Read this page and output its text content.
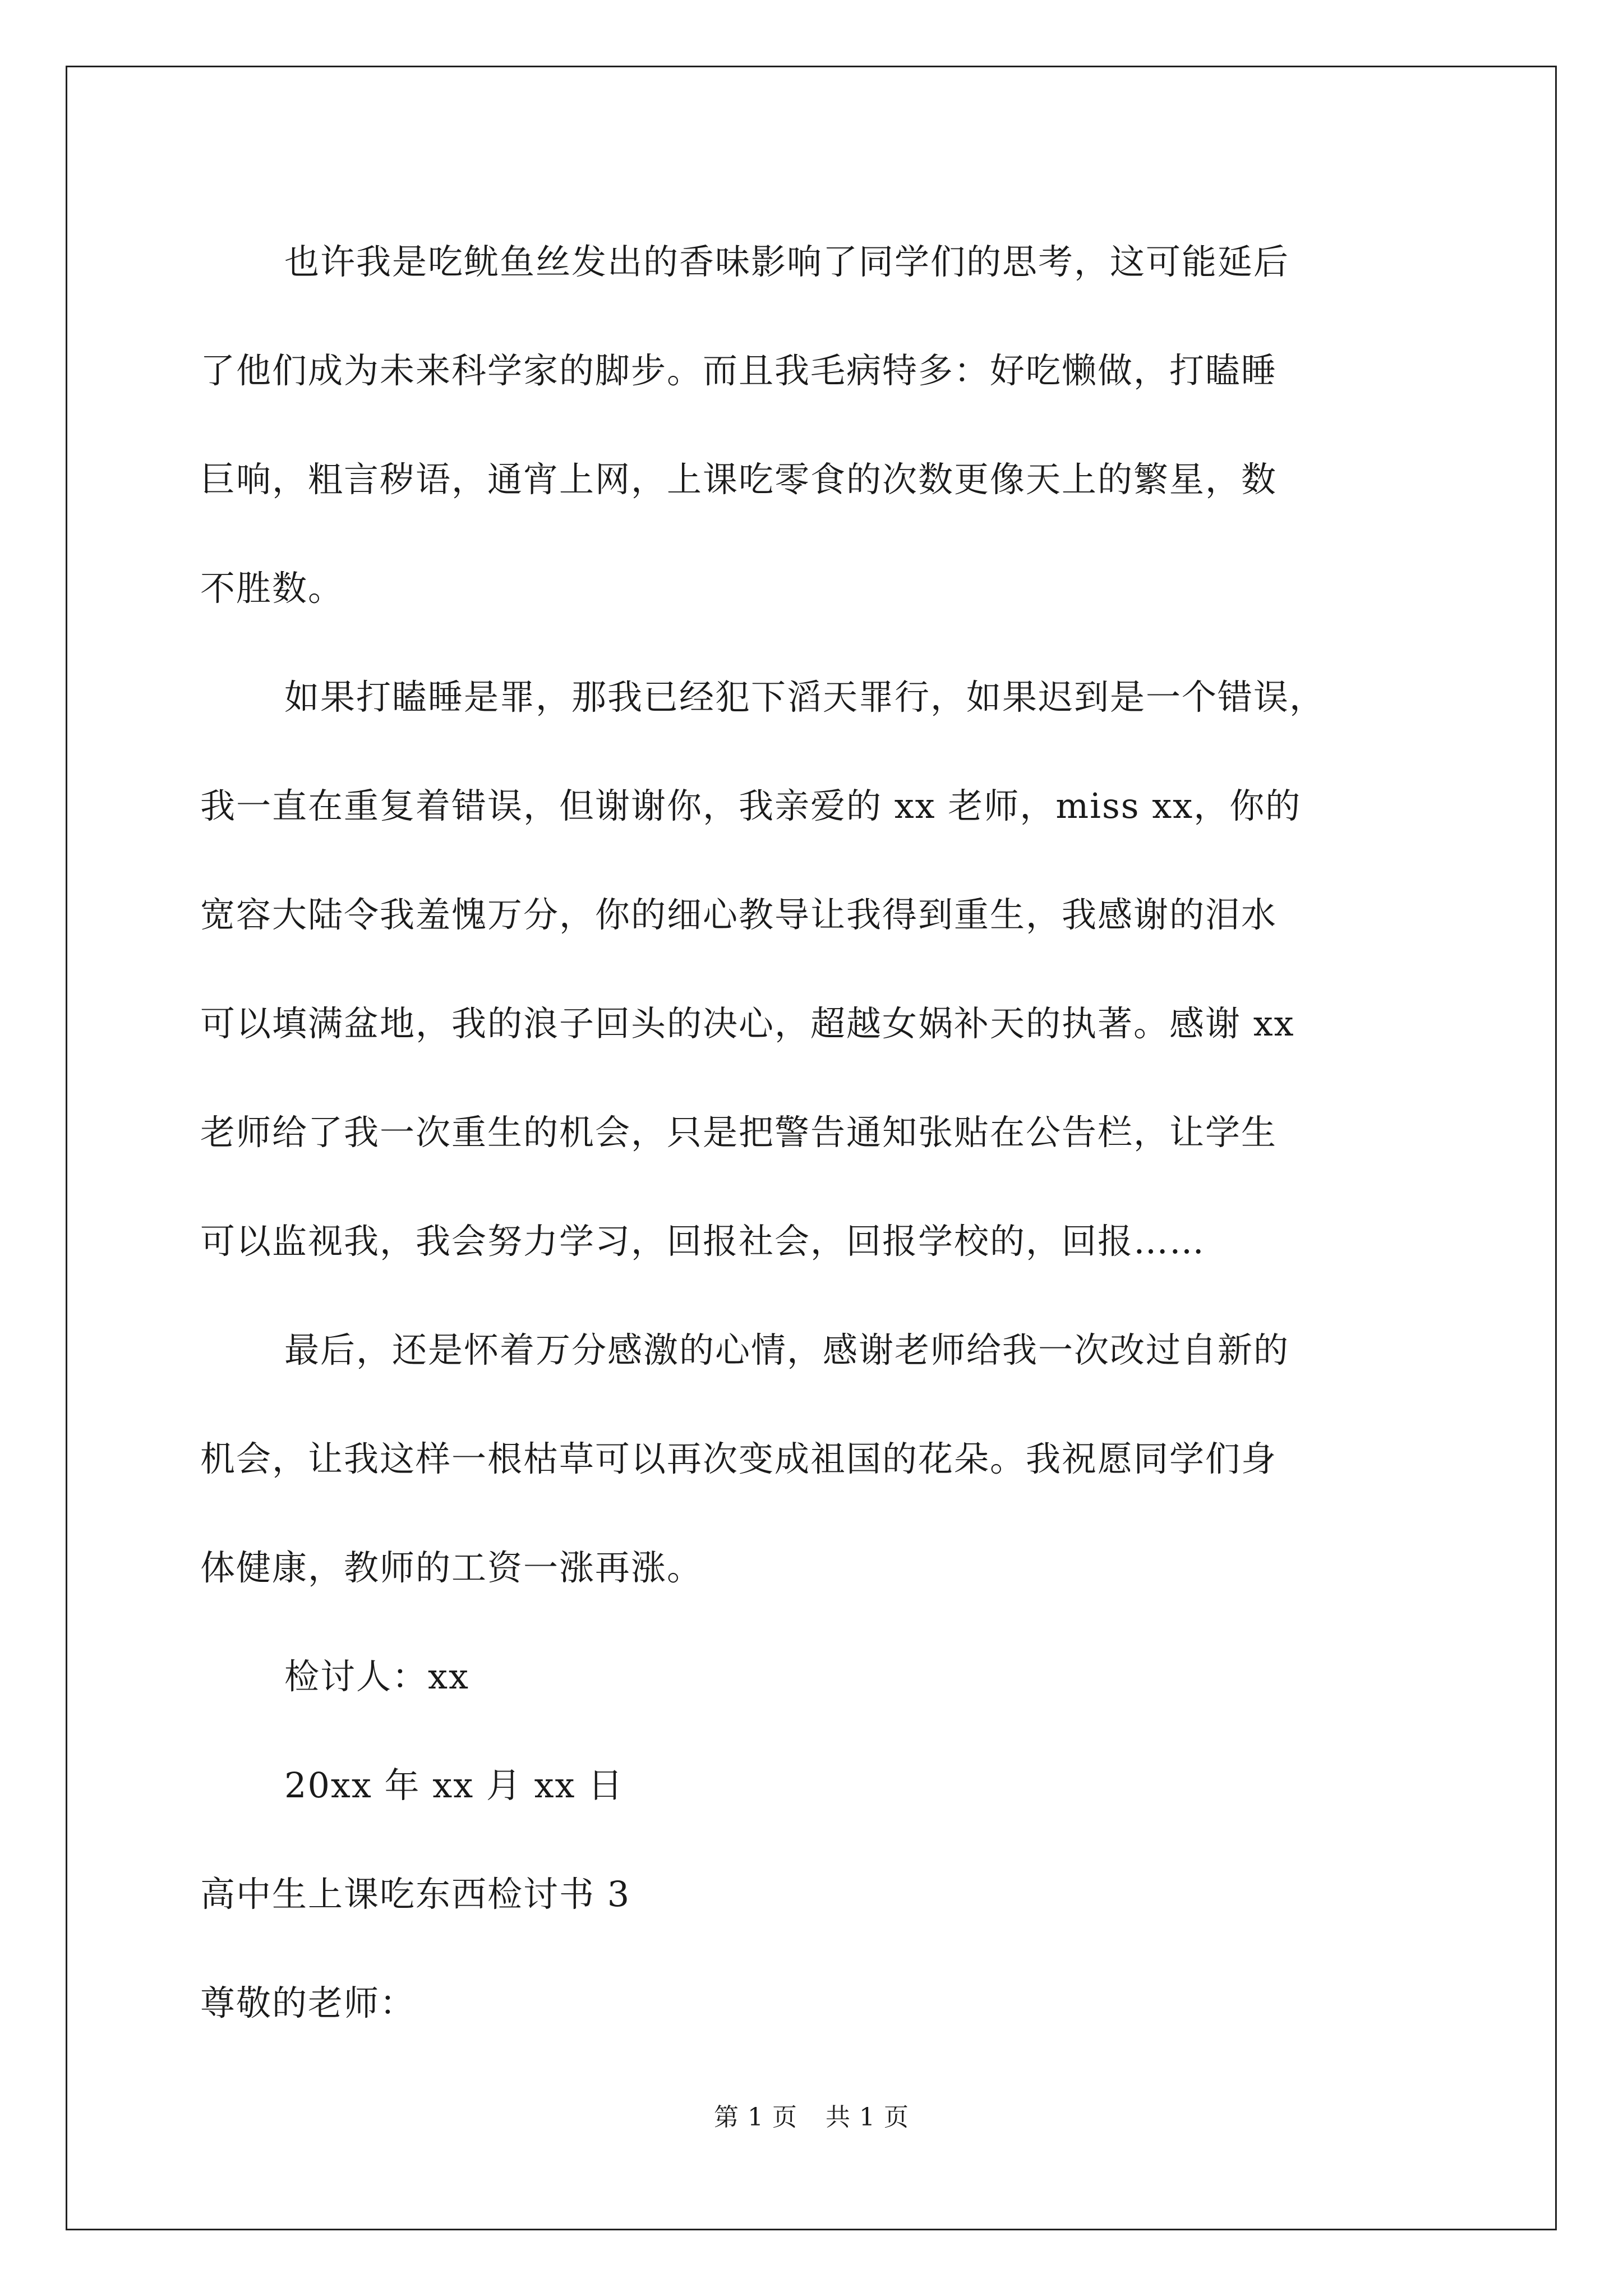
也许我是吃鱿鱼丝发出的香味影响了同学们的思考，这可能延后
了他们成为未来科学家的脚步。而且我毛病特多：好吃懒做，打瞌睡
巨响，粗言秽语，通宵上网，上课吃零食的次数更像天上的繁星，数
不胜数。
如果打瞌睡是罪，那我已经犯下滔天罪行，如果迟到是一个错误，
我一直在重复着错误，但谢谢你，我亲爱的 xx 老师，miss xx，你的
宽容大陆令我羞愧万分，你的细心教导让我得到重生，我感谢的泪水
可以填满盆地，我的浪子回头的决心，超越女娲补天的执著。感谢 xx
老师给了我一次重生的机会，只是把警告通知张贴在公告栏，让学生
可以监视我，我会努力学习，回报社会，回报学校的，回报……
最后，还是怀着万分感激的心情，感谢老师给我一次改过自新的
机会，让我这样一根枯草可以再次变成祖国的花朵。我祝愿同学们身
体健康，教师的工资一涨再涨。
检讨人：xx
20xx 年 xx 月 xx 日
高中生上课吃东西检讨书 3
尊敬的老师：
第 1 页 共 1 页
